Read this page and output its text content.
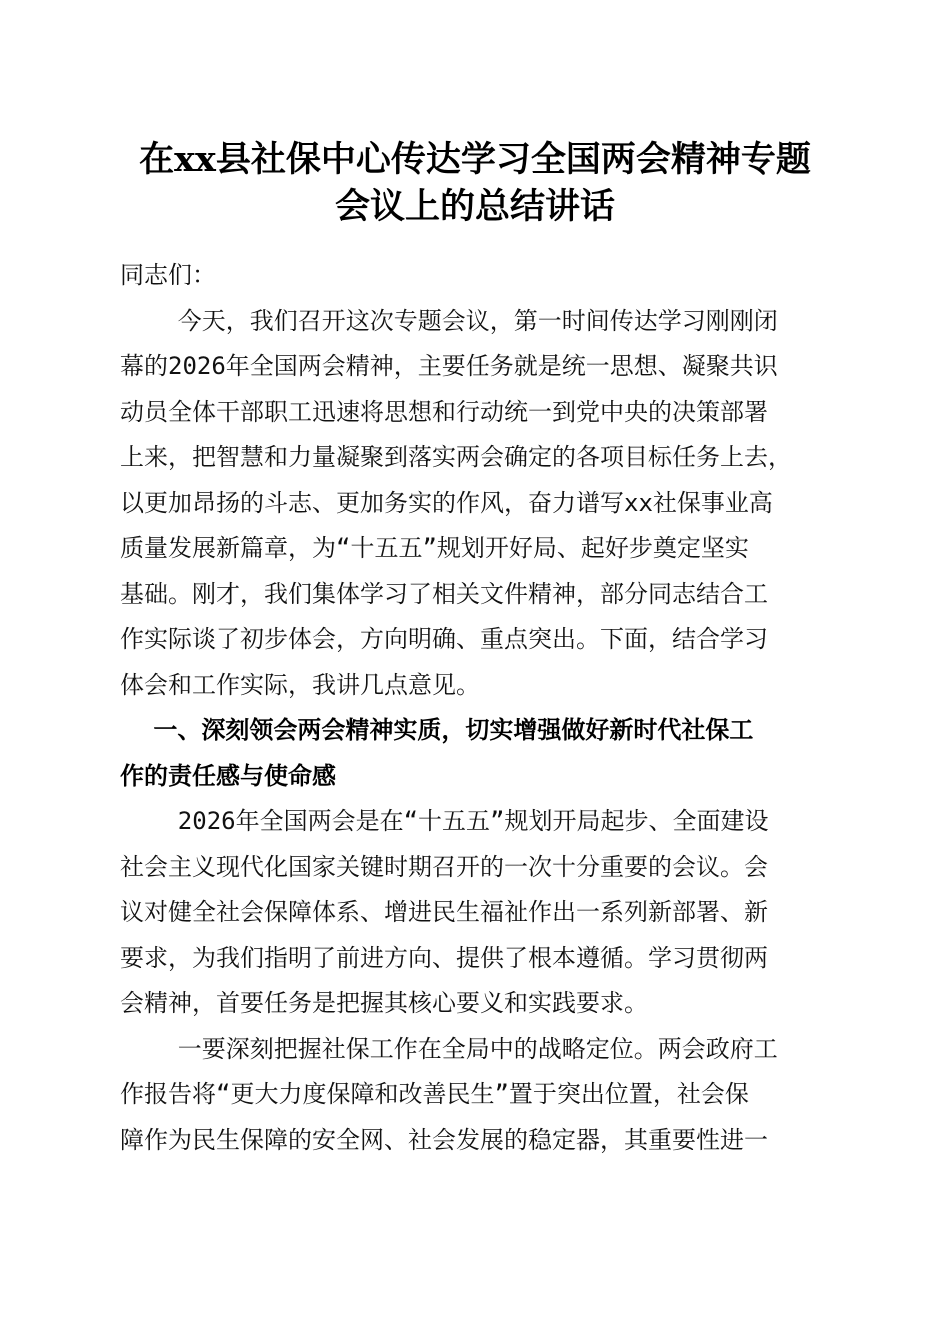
在xx县社保中心传达学习全国两会精神专题
会议上的总结讲话
同志们：
今天，我们召开这次专题会议，第一时间传达学习刚刚闭
幕的2026年全国两会精神，主要任务就是统一思想、凝聚共识
动员全体干部职工迅速将思想和行动统一到党中央的决策部署
上来，把智慧和力量凝聚到落实两会确定的各项目标任务上去，
以更加昂扬的斗志、更加务实的作风，奋力谱写xx社保事业高
质量发展新篇章，为“十五五”规划开好局、起好步奠定坚实
基础。刚才，我们集体学习了相关文件精神，部分同志结合工
作实际谈了初步体会，方向明确、重点突出。下面，结合学习
体会和工作实际，我讲几点意见。
一、深刻领会两会精神实质，切实增强做好新时代社保工
作的责任感与使命感
2026年全国两会是在“十五五”规划开局起步、全面建设
社会主义现代化国家关键时期召开的一次十分重要的会议。会
议对健全社会保障体系、增进民生福祉作出一系列新部署、新
要求，为我们指明了前进方向、提供了根本遵循。学习贯彻两
会精神，首要任务是把握其核心要义和实践要求。
一要深刻把握社保工作在全局中的战略定位。两会政府工
作报告将“更大力度保障和改善民生”置于突出位置，社会保
障作为民生保障的安全网、社会发展的稳定器，其重要性进一
